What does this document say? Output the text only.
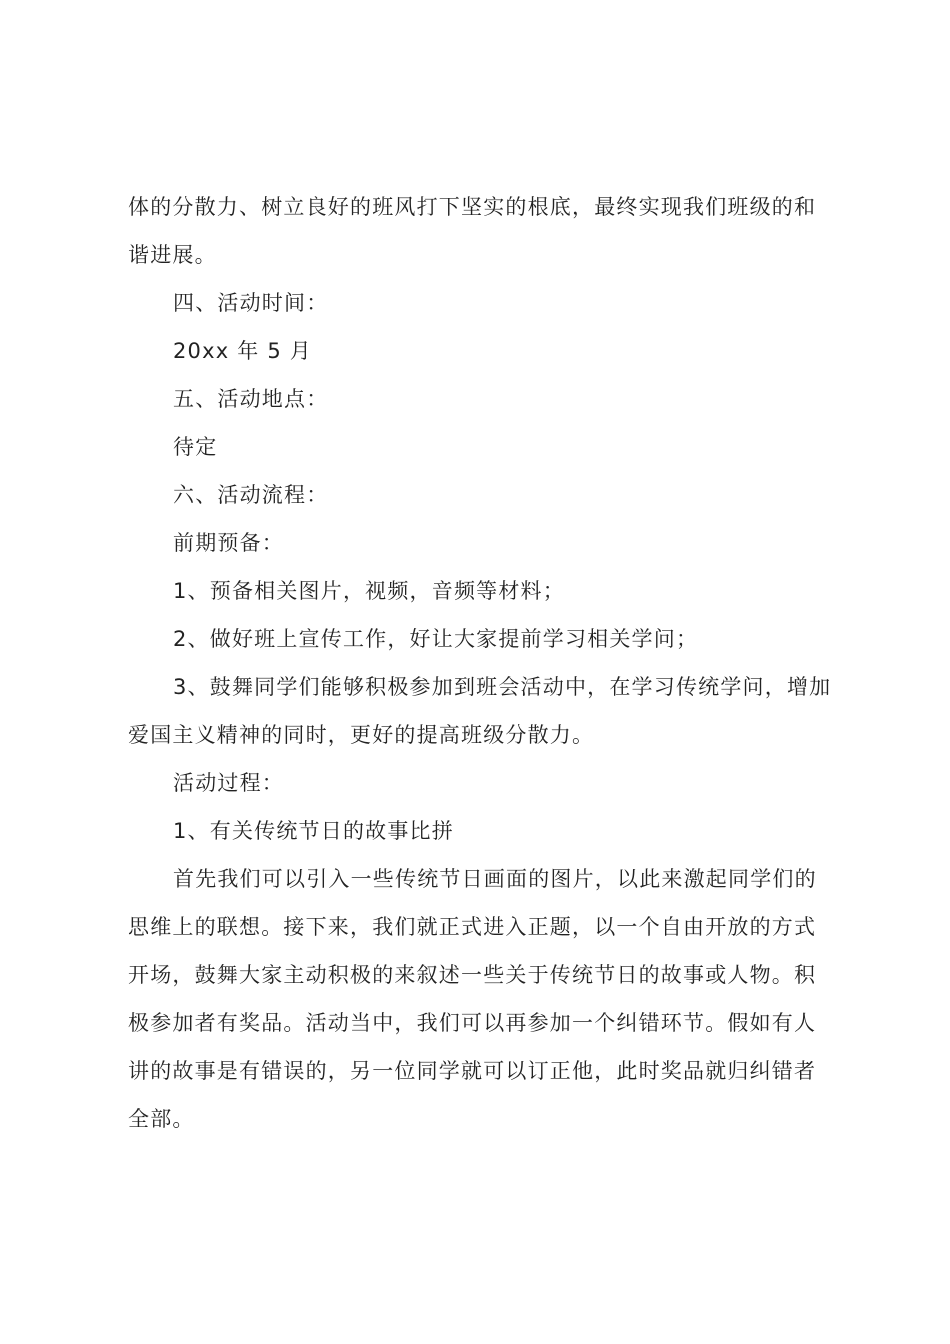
体的分散力、树立良好的班风打下坚实的根底，最终实现我们班级的和谐进展。

四、活动时间：

20xx 年 5 月

五、活动地点：

待定

六、活动流程：

前期预备：

1、预备相关图片，视频，音频等材料；

2、做好班上宣传工作，好让大家提前学习相关学问；

3、鼓舞同学们能够积极参加到班会活动中，在学习传统学问，增加爱国主义精神的同时，更好的提高班级分散力。

活动过程：

1、有关传统节日的故事比拼

首先我们可以引入一些传统节日画面的图片，以此来激起同学们的思维上的联想。接下来，我们就正式进入正题，以一个自由开放的方式开场，鼓舞大家主动积极的来叙述一些关于传统节日的故事或人物。积极参加者有奖品。活动当中，我们可以再参加一个纠错环节。假如有人讲的故事是有错误的，另一位同学就可以订正他，此时奖品就归纠错者全部。
